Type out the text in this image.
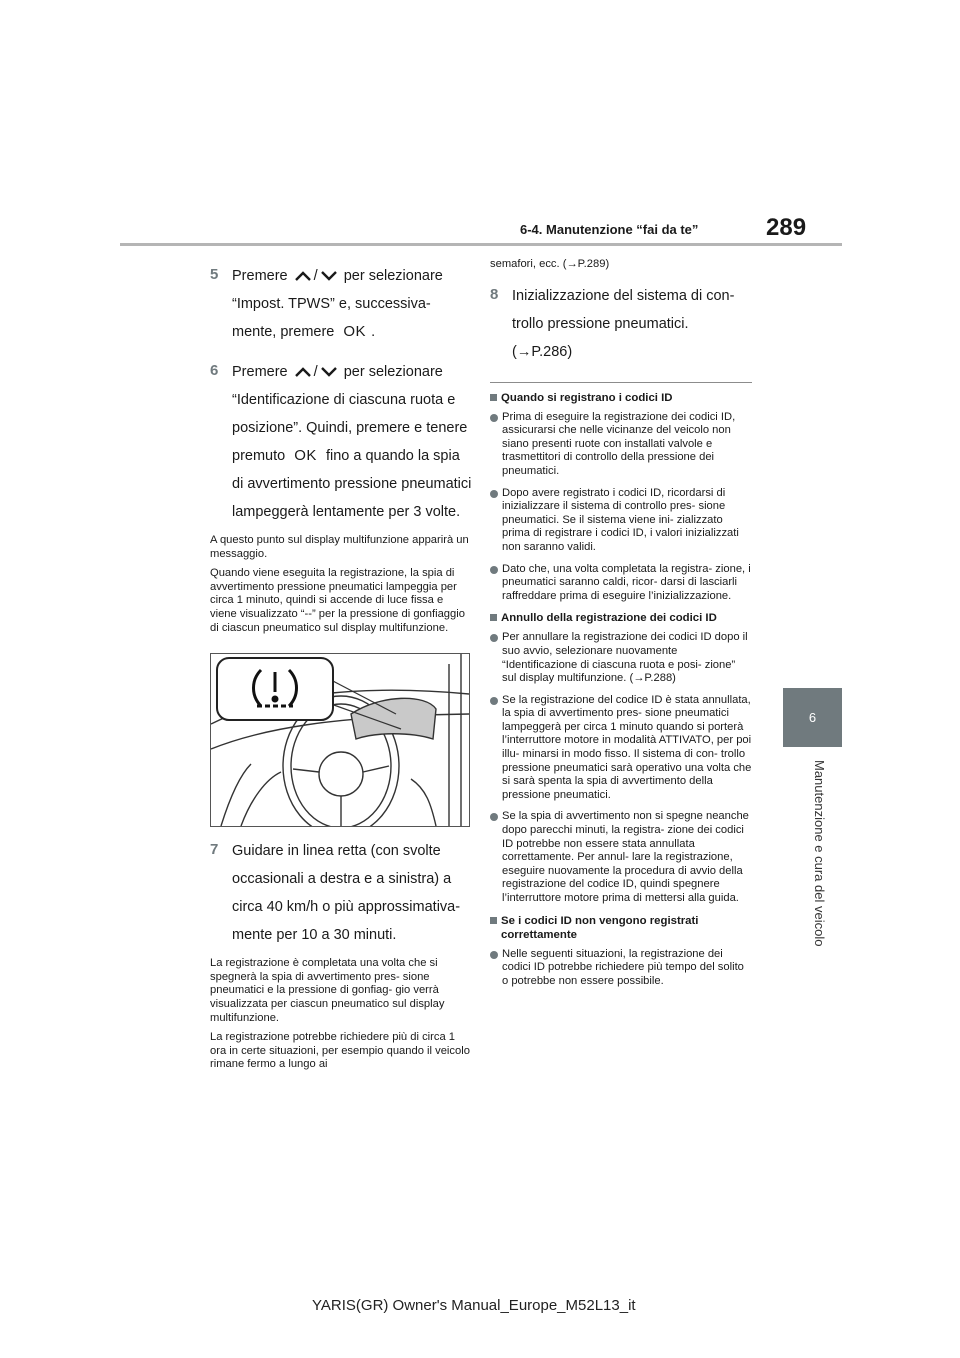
6-4. Manutenzione “fai da te”	289
6
Manutenzione e cura del veicolo
5 Premere / per selezionare “Impost. TPWS” e, successiva- mente, premere OK .

6 Premere / per selezionare “Identificazione di ciascuna ruota e posizione”. Quindi, premere e tenere premuto OK fino a quando la spia di avvertimento pressione pneumatici lampeggerà lentamente per 3 volte.

A questo punto sul display multifunzione apparirà un messaggio.

Quando viene eseguita la registrazione, la spia di avvertimento pressione pneumatici lampeggia per circa 1 minuto, quindi si accende di luce fissa e viene visualizzato “--” per la pressione di gonfiaggio di ciascun pneumatico sul display multifunzione.

7 Guidare in linea retta (con svolte occasionali a destra e a sinistra) a circa 40 km/h o più approssimativa- mente per 10 a 30 minuti.

La registrazione è completata una volta che si spegnerà la spia di avvertimento pres- sione pneumatici e la pressione di gonfiag- gio verrà visualizzata per ciascun pneumatico sul display multifunzione.

La registrazione potrebbe richiedere più di circa 1 ora in certe situazioni, per esempio quando il veicolo rimane fermo a lungo ai

semafori, ecc. (→P.289)

8 Inizializzazione del sistema di con- trollo pressione pneumatici. (→P.286)

Quando si registrano i codici ID
Prima di eseguire la registrazione dei codici ID, assicurarsi che nelle vicinanze del veicolo non siano presenti ruote con installati valvole e trasmettitori di controllo della pressione dei pneumatici.
Dopo avere registrato i codici ID, ricordarsi di inizializzare il sistema di controllo pres- sione pneumatici. Se il sistema viene ini- zializzato prima di registrare i codici ID, i valori inizializzati non saranno validi.
Dato che, una volta completata la registra- zione, i pneumatici saranno caldi, ricor- darsi di lasciarli raffreddare prima di eseguire l’inizializzazione.
Annullo della registrazione dei codici ID
Per annullare la registrazione dei codici ID dopo il suo avvio, selezionare nuovamente “Identificazione di ciascuna ruota e posi- zione” sul display multifunzione. (→P.288)
Se la registrazione del codice ID è stata annullata, la spia di avvertimento pres- sione pneumatici lampeggerà per circa 1 minuto quando si porterà l’interruttore motore in modalità ATTIVATO, per poi illu- minarsi in modo fisso. Il sistema di con- trollo pressione pneumatici sarà operativo una volta che si sarà spenta la spia di avvertimento della pressione pneumatici.
Se la spia di avvertimento non si spegne neanche dopo parecchi minuti, la registra- zione dei codici ID potrebbe non essere stata annullata correttamente. Per annul- lare la registrazione, eseguire nuovamente la procedura di avvio della registrazione del codice ID, quindi spegnere l’interruttore motore prima di mettersi alla guida.
Se i codici ID non vengono registrati correttamente
Nelle seguenti situazioni, la registrazione dei codici ID potrebbe richiedere più tempo del solito o potrebbe non essere possibile.
YARIS(GR) Owner's Manual_Europe_M52L13_it
